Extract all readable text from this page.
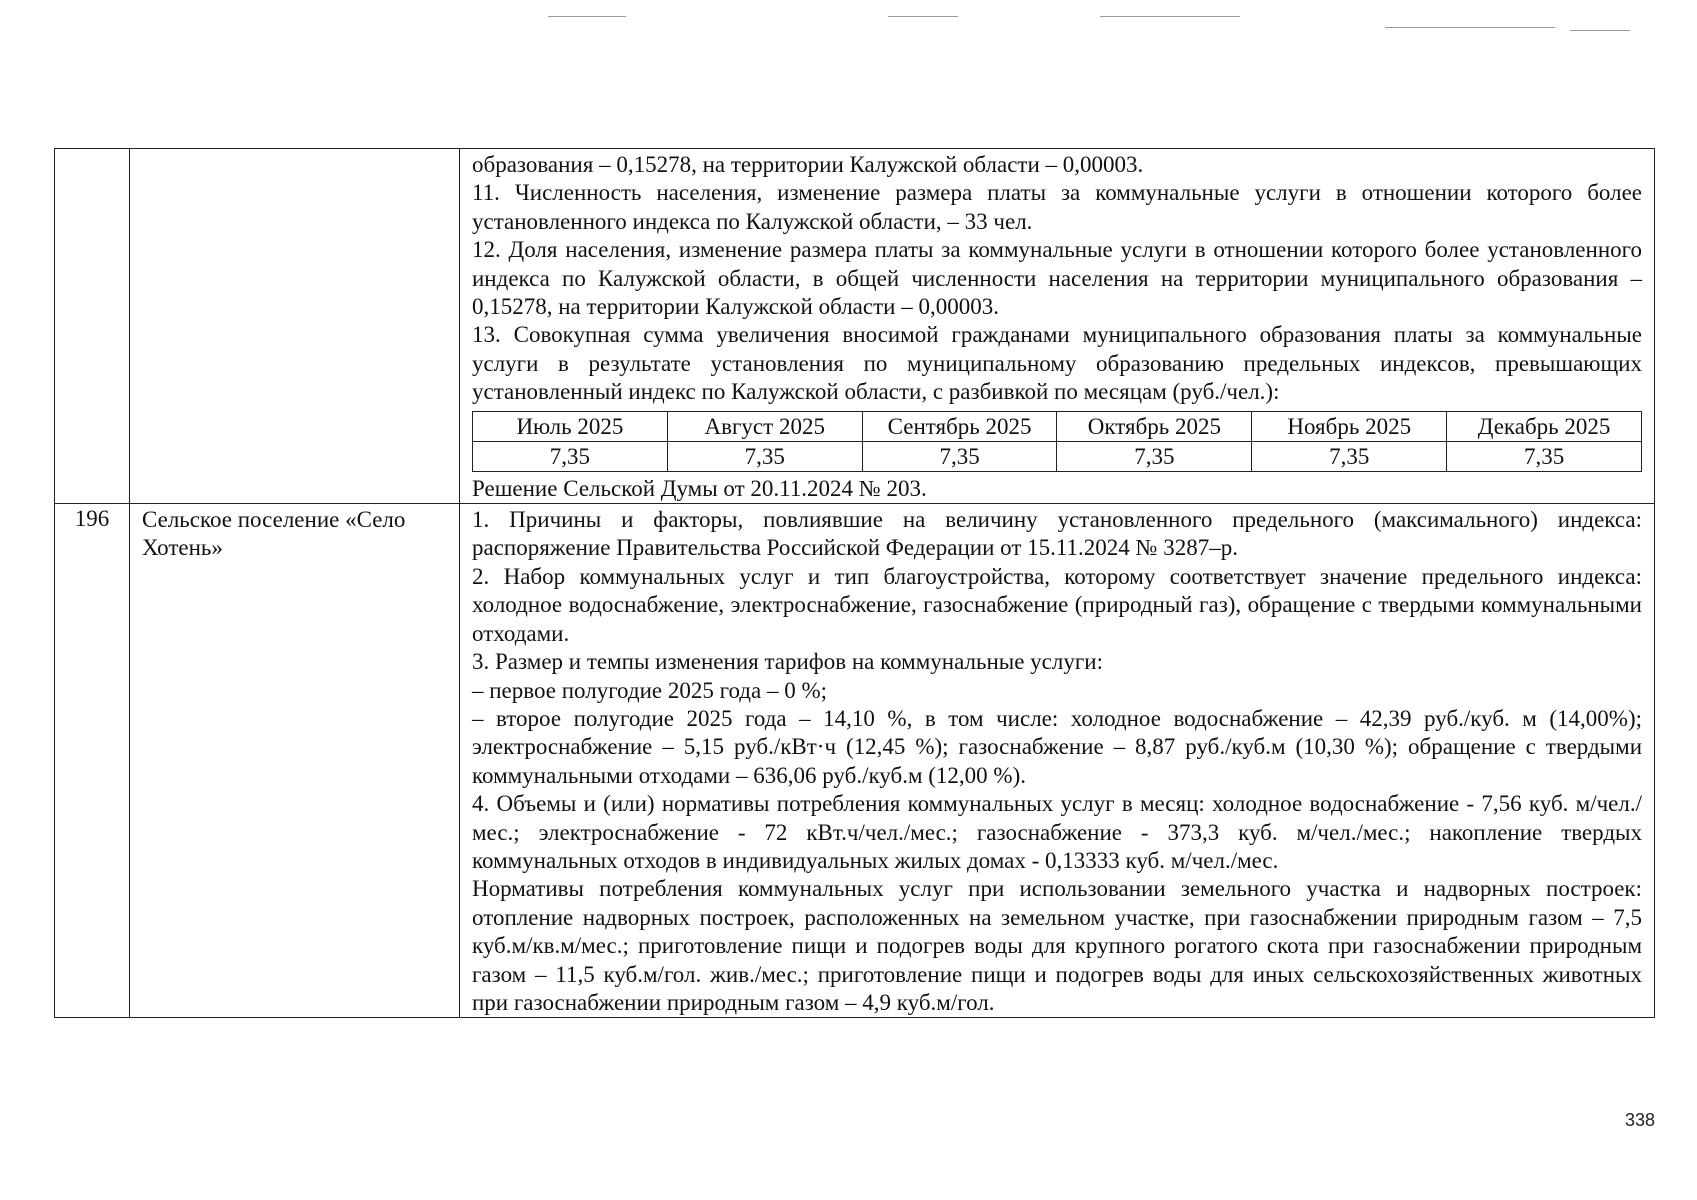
образования – 0,15278, на территории Калужской области – 0,00003.

11. Численность населения, изменение размера платы за коммунальные услуги в отношении которого более установленного индекса по Калужской области, – 33 чел.

12. Доля населения, изменение размера платы за коммунальные услуги в отношении которого более установленного индекса по Калужской области, в общей численности населения на территории муниципального образования – 0,15278, на территории Калужской области – 0,00003.

13. Совокупная сумма увеличения вносимой гражданами муниципального образования платы за коммунальные услуги в результате установления по муниципальному образованию предельных индексов, превышающих установленный индекс по Калужской области, с разбивкой по месяцам (руб./чел.):

Июль 2025	Август 2025	Сентябрь 2025	Октябрь 2025	Ноябрь 2025	Декабрь 2025
7,35	7,35	7,35	7,35	7,35	7,35

Решение Сельской Думы от 20.11.2024 № 203.

196	Сельское поселение «Село Хотень»

1. Причины и факторы, повлиявшие на величину установленного предельного (максимального) индекса: распоряжение Правительства Российской Федерации от 15.11.2024 № 3287–р.

2. Набор коммунальных услуг и тип благоустройства, которому соответствует значение предельного индекса: холодное водоснабжение, электроснабжение, газоснабжение (природный газ), обращение с твердыми коммунальными отходами.

3. Размер и темпы изменения тарифов на коммунальные услуги:

– первое полугодие 2025 года – 0 %;

– второе полугодие 2025 года – 14,10 %, в том числе: холодное водоснабжение – 42,39 руб./куб. м (14,00%); электроснабжение – 5,15 руб./кВт·ч (12,45 %); газоснабжение – 8,87 руб./куб.м (10,30 %); обращение с твердыми коммунальными отходами – 636,06 руб./куб.м (12,00 %).

4. Объемы и (или) нормативы потребления коммунальных услуг в месяц: холодное водоснабжение - 7,56 куб. м/чел./мес.; электроснабжение - 72 кВт.ч/чел./мес.; газоснабжение - 373,3 куб. м/чел./мес.; накопление твердых коммунальных отходов в индивидуальных жилых домах - 0,13333 куб. м/чел./мес.

Нормативы потребления коммунальных услуг при использовании земельного участка и надворных построек: отопление надворных построек, расположенных на земельном участке, при газоснабжении природным газом – 7,5 куб.м/кв.м/мес.; приготовление пищи и подогрев воды для крупного рогатого скота при газоснабжении природным газом – 11,5 куб.м/гол. жив./мес.; приготовление пищи и подогрев воды для иных сельскохозяйственных животных при газоснабжении природным газом – 4,9 куб.м/гол.

338
